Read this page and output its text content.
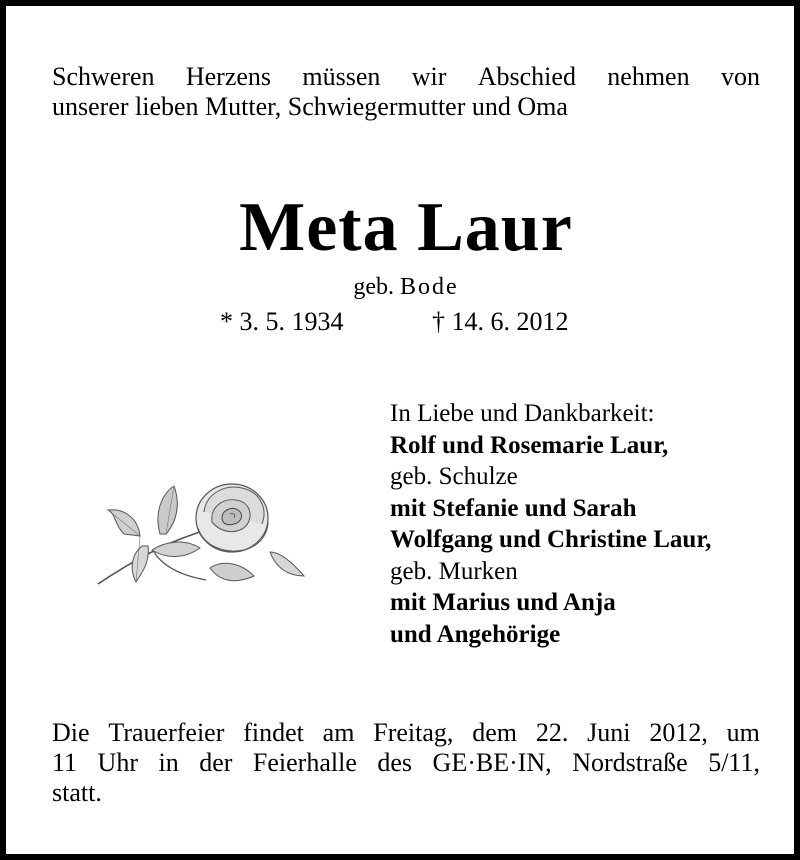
Schweren Herzens müssen wir Abschied nehmen von
unserer lieben Mutter, Schwiegermutter und Oma
Meta Laur
geb. Bode
* 3. 5. 1934	† 14. 6. 2012
In Liebe und Dankbarkeit:
Rolf und Rosemarie Laur,
geb. Schulze
mit Stefanie und Sarah
Wolfgang und Christine Laur,
geb. Murken
mit Marius und Anja
und Angehörige
Die Trauerfeier findet am Freitag, dem 22. Juni 2012, um
11 Uhr in der Feierhalle des GE·BE·IN, Nordstraße 5/11,
statt.
